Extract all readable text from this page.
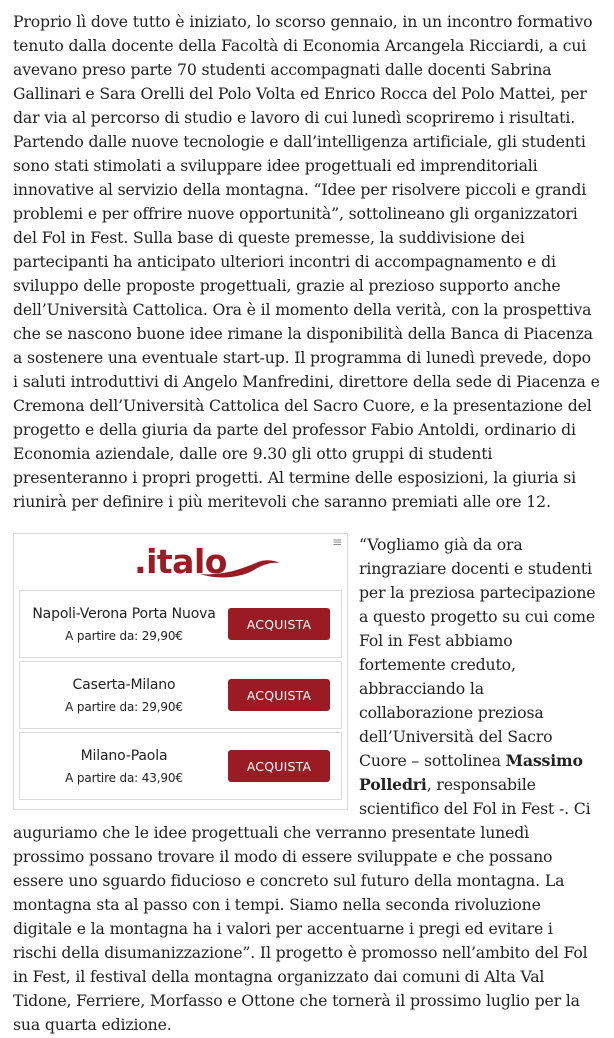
Proprio lì dove tutto è iniziato, lo scorso gennaio, in un incontro formativo tenuto dalla docente della Facoltà di Economia Arcangela Ricciardi, a cui avevano preso parte 70 studenti accompagnati dalle docenti Sabrina Gallinari e Sara Orelli del Polo Volta ed Enrico Rocca del Polo Mattei, per dar via al percorso di studio e lavoro di cui lunedì scopriremo i risultati. Partendo dalle nuove tecnologie e dall’intelligenza artificiale, gli studenti sono stati stimolati a sviluppare idee progettuali ed imprenditoriali innovative al servizio della montagna. “Idee per risolvere piccoli e grandi problemi e per offrire nuove opportunità”, sottolineano gli organizzatori del Fol in Fest. Sulla base di queste premesse, la suddivisione dei partecipanti ha anticipato ulteriori incontri di accompagnamento e di sviluppo delle proposte progettuali, grazie al prezioso supporto anche dell’Università Cattolica. Ora è il momento della verità, con la prospettiva che se nascono buone idee rimane la disponibilità della Banca di Piacenza a sostenere una eventuale start-up. Il programma di lunedì prevede, dopo i saluti introduttivi di Angelo Manfredini, direttore della sede di Piacenza e Cremona dell’Università Cattolica del Sacro Cuore, e la presentazione del progetto e della giuria da parte del professor Fabio Antoldi, ordinario di Economia aziendale, dalle ore 9.30 gli otto gruppi di studenti presenteranno i propri progetti. Al termine delle esposizioni, la giuria si riunirà per definire i più meritevoli che saranno premiati alle ore 12.

≡
.italo
Napoli-Verona Porta Nuova
A partire da: 29,90€
ACQUISTA
Caserta-Milano
A partire da: 29,90€
ACQUISTA
Milano-Paola
A partire da: 43,90€
ACQUISTA

“Vogliamo già da ora ringraziare docenti e studenti per la preziosa partecipazione a questo progetto su cui come Fol in Fest abbiamo fortemente creduto, abbracciando la collaborazione preziosa dell’Università del Sacro Cuore – sottolinea Massimo Polledri, responsabile scientifico del Fol in Fest -. Ci auguriamo che le idee progettuali che verranno presentate lunedì prossimo possano trovare il modo di essere sviluppate e che possano essere uno sguardo fiducioso e concreto sul futuro della montagna. La montagna sta al passo con i tempi. Siamo nella seconda rivoluzione digitale e la montagna ha i valori per accentuarne i pregi ed evitare i rischi della disumanizzazione”. Il progetto è promosso nell’ambito del Fol in Fest, il festival della montagna organizzato dai comuni di Alta Val Tidone, Ferriere, Morfasso e Ottone che tornerà il prossimo luglio per la sua quarta edizione.
